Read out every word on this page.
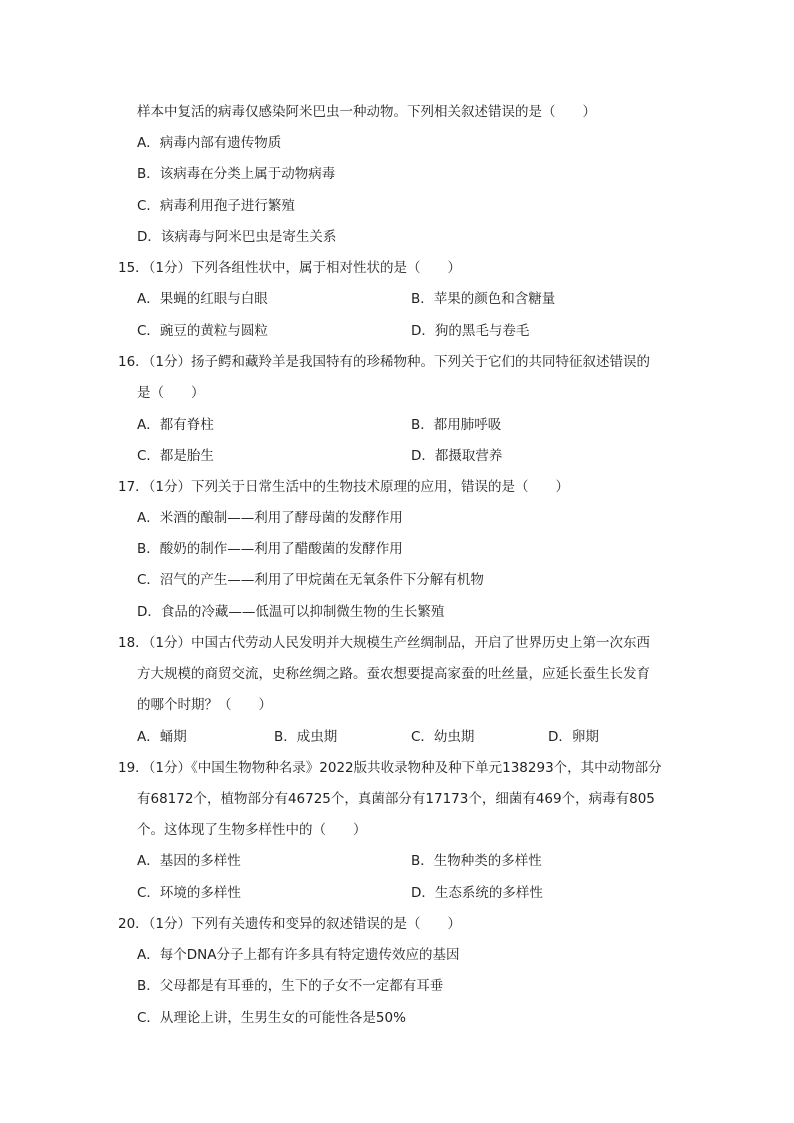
样本中复活的病毒仅感染阿米巴虫一种动物。下列相关叙述错误的是（　　）
A．病毒内部有遗传物质
B．该病毒在分类上属于动物病毒
C．病毒利用孢子进行繁殖
D．该病毒与阿米巴虫是寄生关系
15．（1分）下列各组性状中，属于相对性状的是（　　）
A．果蝇的红眼与白眼	B．苹果的颜色和含糖量
C．豌豆的黄粒与圆粒	D．狗的黑毛与卷毛
16．（1分）扬子鳄和藏羚羊是我国特有的珍稀物种。下列关于它们的共同特征叙述错误的
是（　　）
A．都有脊柱	B．都用肺呼吸
C．都是胎生	D．都摄取营养
17．（1分）下列关于日常生活中的生物技术原理的应用，错误的是（　　）
A．米酒的酿制——利用了酵母菌的发酵作用
B．酸奶的制作——利用了醋酸菌的发酵作用
C．沼气的产生——利用了甲烷菌在无氧条件下分解有机物
D．食品的冷藏——低温可以抑制微生物的生长繁殖
18．（1分）中国古代劳动人民发明并大规模生产丝绸制品，开启了世界历史上第一次东西
方大规模的商贸交流，史称丝绸之路。蚕农想要提高家蚕的吐丝量，应延长蚕生长发育
的哪个时期？（　　）
A．蛹期	B．成虫期	C．幼虫期	D．卵期
19．（1分）《中国生物物种名录》2022版共收录物种及种下单元138293个，其中动物部分
有68172个，植物部分有46725个，真菌部分有17173个，细菌有469个，病毒有805
个。这体现了生物多样性中的（　　）
A．基因的多样性	B．生物种类的多样性
C．环境的多样性	D．生态系统的多样性
20．（1分）下列有关遗传和变异的叙述错误的是（　　）
A．每个DNA分子上都有许多具有特定遗传效应的基因
B．父母都是有耳垂的，生下的子女不一定都有耳垂
C．从理论上讲，生男生女的可能性各是50%
